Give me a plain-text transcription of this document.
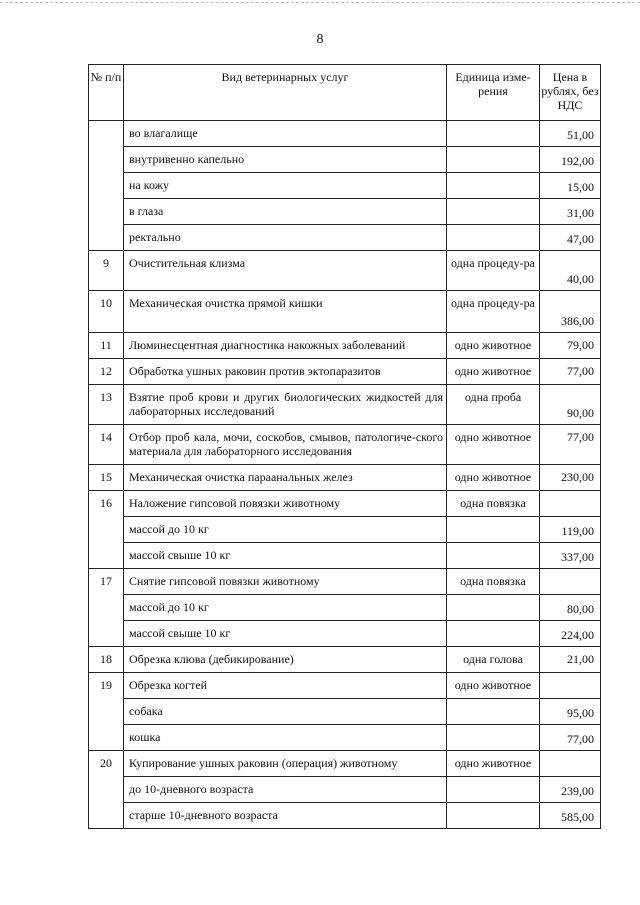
8
№ п/п	Вид ветеринарных услуг	Единица изме-рения	Цена в рублях, без НДС
	во влагалище		51,00
	внутривенно капельно		192,00
	на кожу		15,00
	в глаза		31,00
	ректально		47,00
9	Очистительная клизма	одна процеду-ра	40,00
10	Механическая очистка прямой кишки	одна процеду-ра	386,00
11	Люминесцентная диагностика накожных заболеваний	одно животное	79,00
12	Обработка ушных раковин против эктопаразитов	одно животное	77,00
13	Взятие проб крови и других биологических жидкостей для лабораторных исследований	одна проба	90,00
14	Отбор проб кала, мочи, соскобов, смывов, патологиче-ского материала для лабораторного исследования	одно животное	77,00
15	Механическая очистка параанальных желез	одно животное	230,00
16	Наложение гипсовой повязки животному	одна повязка	
	массой до 10 кг		119,00
	массой свыше 10 кг		337,00
17	Снятие гипсовой повязки животному	одна повязка	
	массой до 10 кг		80,00
	массой свыше 10 кг		224,00
18	Обрезка клюва (дебикирование)	одна голова	21,00
19	Обрезка когтей	одно животное	
	собака		95,00
	кошка		77,00
20	Купирование ушных раковин (операция) животному	одно животное	
	до 10-дневного возраста		239,00
	старше 10-дневного возраста		585,00
